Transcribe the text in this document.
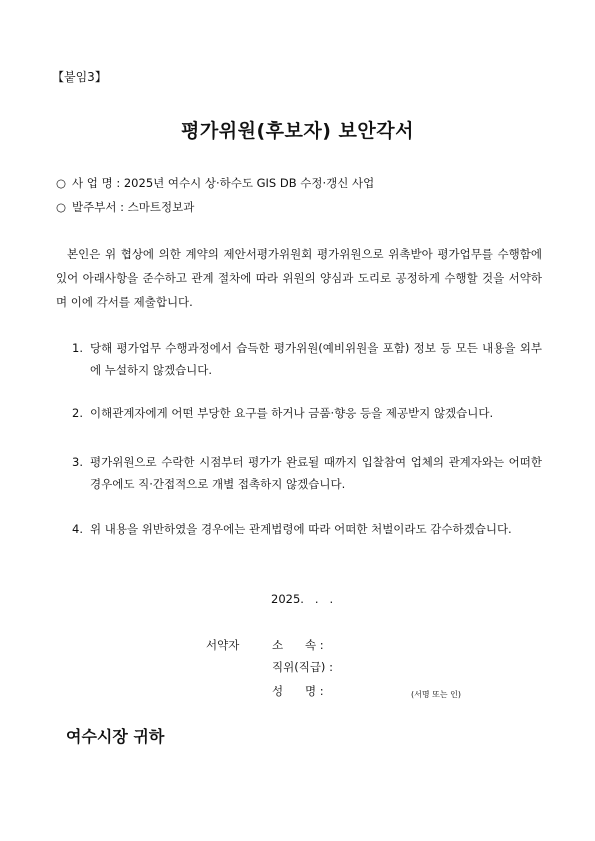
【붙임3】
평가위원(후보자) 보안각서
○ 사 업 명 : 2025년 여수시 상·하수도 GIS DB 수정·갱신 사업
○ 발주부서 : 스마트정보과
본인은 위 협상에 의한 계약의 제안서평가위원회 평가위원으로 위촉받아 평가업무를 수행함에 있어 아래사항을 준수하고 관계 절차에 따라 위원의 양심과 도리로 공정하게 수행할 것을 서약하며 이에 각서를 제출합니다.
1. 당해 평가업무 수행과정에서 습득한 평가위원(예비위원을 포함) 정보 등 모든 내용을 외부에 누설하지 않겠습니다.
2. 이해관계자에게 어떤 부당한 요구를 하거나 금품·향응 등을 제공받지 않겠습니다.
3. 평가위원으로 수락한 시점부터 평가가 완료될 때까지 입찰참여 업체의 관계자와는 어떠한 경우에도 직·간접적으로 개별 접촉하지 않겠습니다.
4. 위 내용을 위반하였을 경우에는 관계법령에 따라 어떠한 처벌이라도 감수하겠습니다.
2025.   .   .
서약자	소      속 :
직위(직급) :
성      명 :	(서명 또는 인)
여수시장 귀하
